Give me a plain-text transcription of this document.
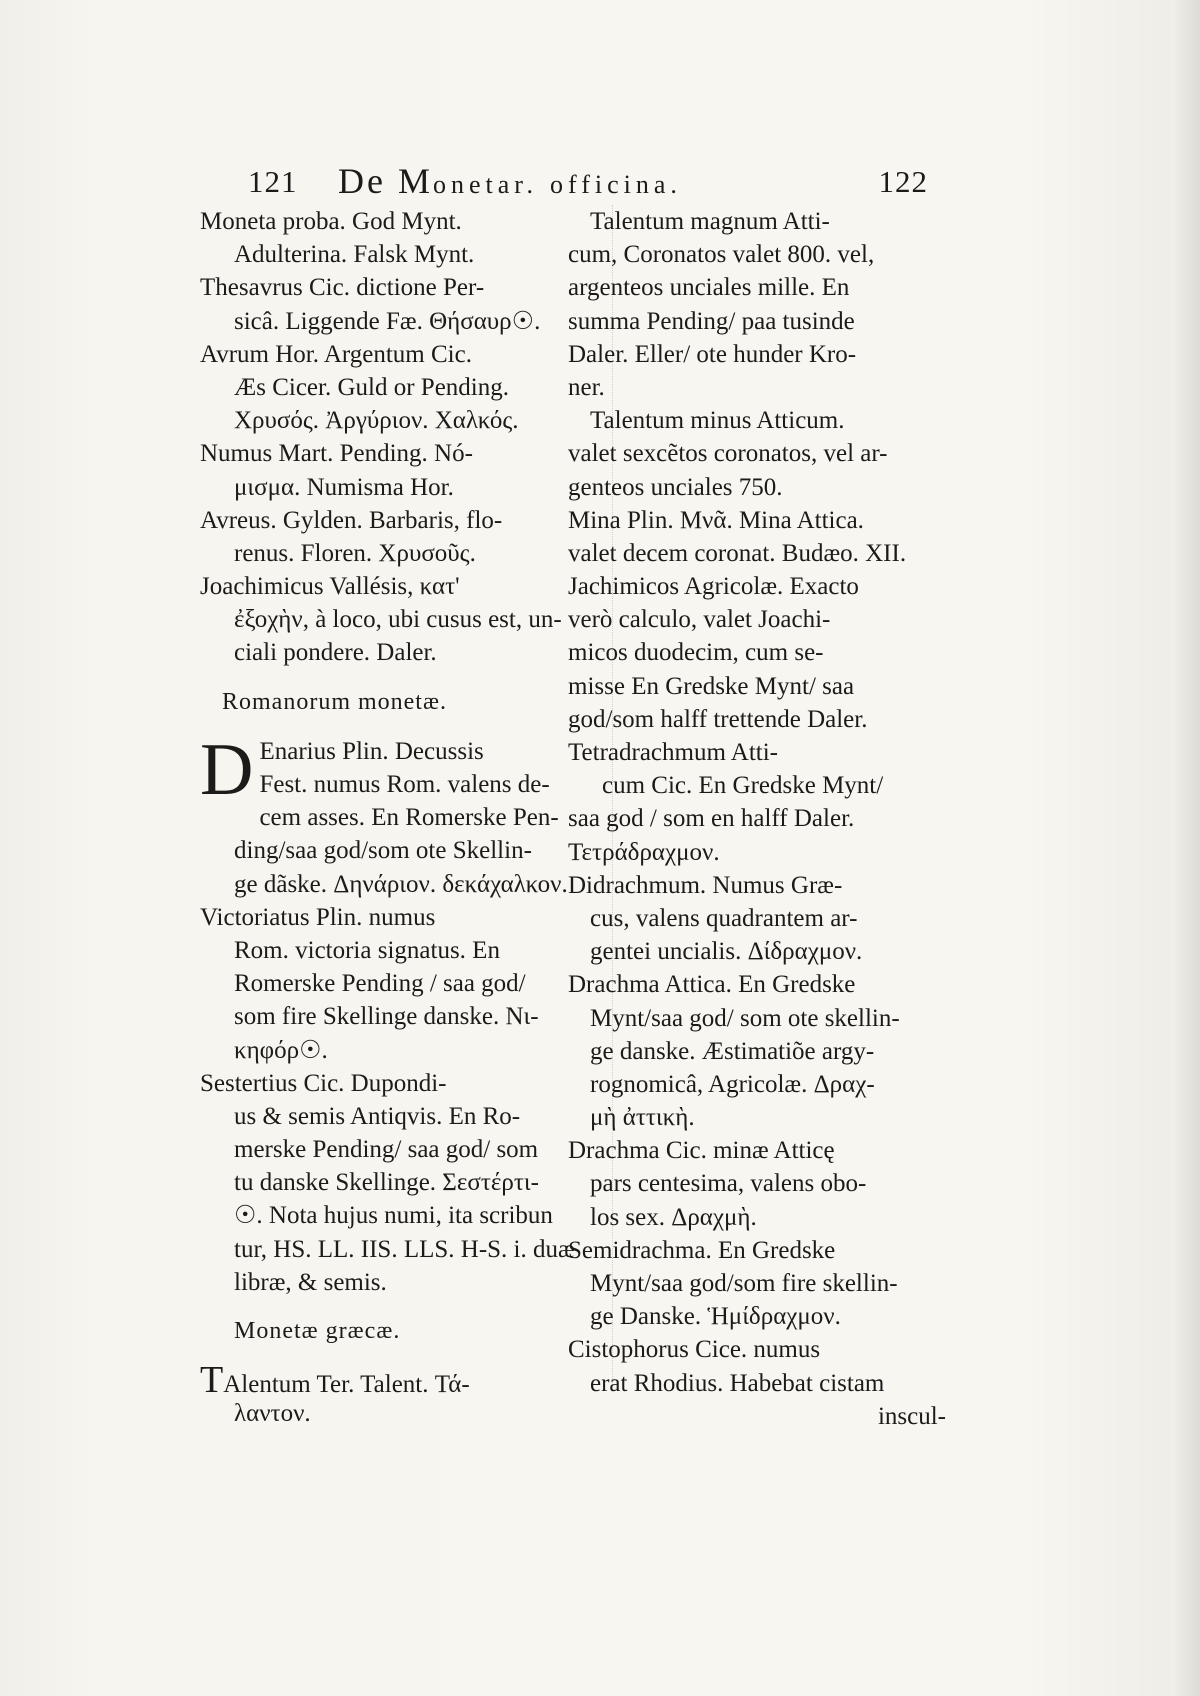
121 De Monetar. officina.	122
Moneta proba. God Mynt.
Adulterina. Falsk Mynt.
Thesavrus Cic. dictione Per-
sicâ. Liggende Fæ. Θήσαυρ☉.
Avrum Hor. Argentum Cic.
Æs Cicer. Guld or Pending.
Χρυσός. Ἀργύριον. Χαλκός.
Numus Mart. Pending. Nó-
μισμα. Numisma Hor.
Avreus. Gylden. Barbaris, flo-
renus. Floren. Χρυσοῦς.
Joachimicus Vallésis, κατ'
ἐξοχὴν, à loco, ubi cusus est, un-
ciali pondere. Daler.
Romanorum monetæ.
D Enarius Plin. Decussis
Fest. numus Rom. valens de-
cem asses. En Romerske Pen-
ding/saa god/som ote Skellin-
ge dãske. Δηνάριον. δεκάχαλκον.
Victoriatus Plin. numus
Rom. victoria signatus. En
Romerske Pending / saa god/
som fire Skellinge danske. Νι-
κηφόρ☉.
Sestertius Cic. Dupondi-
us & semis Antiqvis. En Ro-
merske Pending/ saa god/ som
tu danske Skellinge. Σεστέρτι-
☉. Nota hujus numi, ita scribun
tur, HS. LL. IIS. LLS. H-S. i. duæ
libræ, & semis.
Monetæ græcæ.
TAlentum Ter. Talent. Τά-
λαντον.
Talentum magnum Atti-
cum, Coronatos valet 800. vel,
argenteos unciales mille. En
summa Pending/ paa tusinde
Daler. Eller/ ote hunder Kro-
ner.
Talentum minus Atticum.
valet sexcẽtos coronatos, vel ar-
genteos unciales 750.
Mina Plin. Μνᾶ. Mina Attica.
valet decem coronat. Budæo. XII.
Jachimicos Agricolæ. Exacto
verò calculo, valet Joachi-
micos duodecim, cum se-
misse En Gredske Mynt/ saa
god/som halff trettende Daler.
Tetradrachmum Atti-
cum Cic. En Gredske Mynt/
saa god / som en halff Daler.
Τετράδραχμον.
Didrachmum. Numus Græ-
cus, valens quadrantem ar-
gentei uncialis. Δίδραχμον.
Drachma Attica. En Gredske
Mynt/saa god/ som ote skellin-
ge danske. Æstimatiõe argy-
rognomicâ, Agricolæ. Δραχ-
μὴ ἀττικὴ.
Drachma Cic. minæ Atticę
pars centesima, valens obo-
los sex. Δραχμὴ.
Semidrachma. En Gredske
Mynt/saa god/som fire skellin-
ge Danske. Ἡμίδραχμον.
Cistophorus Cice. numus
erat Rhodius. Habebat cistam
inscul-
